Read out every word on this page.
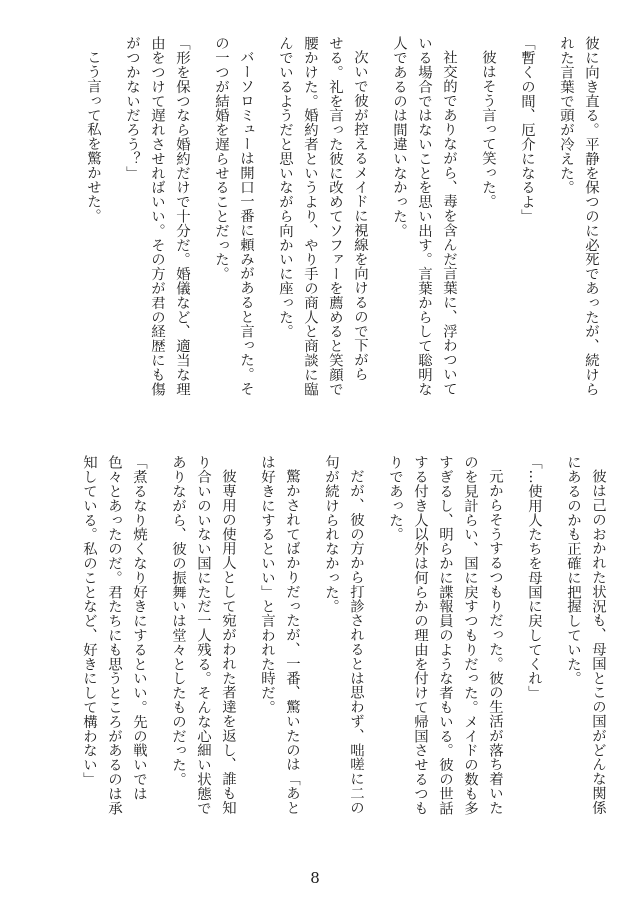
彼に向き直る。平静を保つのに必死であったが、続けら
れた言葉で頭が冷えた。
「暫くの間、厄介になるよ」
彼はそう言って笑った。
社交的でありながら、毒を含んだ言葉に、浮わついて
いる場合ではないことを思い出す。言葉からして聡明な
人であるのは間違いなかった。
次いで彼が控えるメイドに視線を向けるので下がら
せる。礼を言った彼に改めてソファーを薦めると笑顔で
腰かけた。婚約者というより、やり手の商人と商談に臨
んでいるようだと思いながら向かいに座った。
バーソロミューは開口一番に頼みがあると言った。そ
の一つが結婚を遅らせることだった。
「形を保つなら婚約だけで十分だ。婚儀など、適当な理
由をつけて遅れさせればいい。その方が君の経歴にも傷
がつかないだろう？」
こう言って私を驚かせた。
彼は己のおかれた状況も、母国とこの国がどんな関係
にあるのかも正確に把握していた。
「…使用人たちを母国に戻してくれ」
元からそうするつもりだった。彼の生活が落ち着いた
のを見計らい、国に戻すつもりだった。メイドの数も多
すぎるし、明らかに諜報員のような者もいる。彼の世話
する付き人以外は何らかの理由を付けて帰国させるつも
りであった。
だが、彼の方から打診されるとは思わず、咄嗟に二の
句が続けられなかった。
驚かされてばかりだったが、一番、驚いたのは「あと
は好きにするといい」と言われた時だ。
彼専用の使用人として宛がわれた者達を返し、誰も知
り合いのいない国にただ一人残る。そんな心細い状態で
ありながら、彼の振舞いは堂々としたものだった。
「煮るなり焼くなり好きにするといい。先の戦いでは
色々とあったのだ。君たちにも思うところがあるのは承
知している。私のことなど、好きにして構わない」
8
